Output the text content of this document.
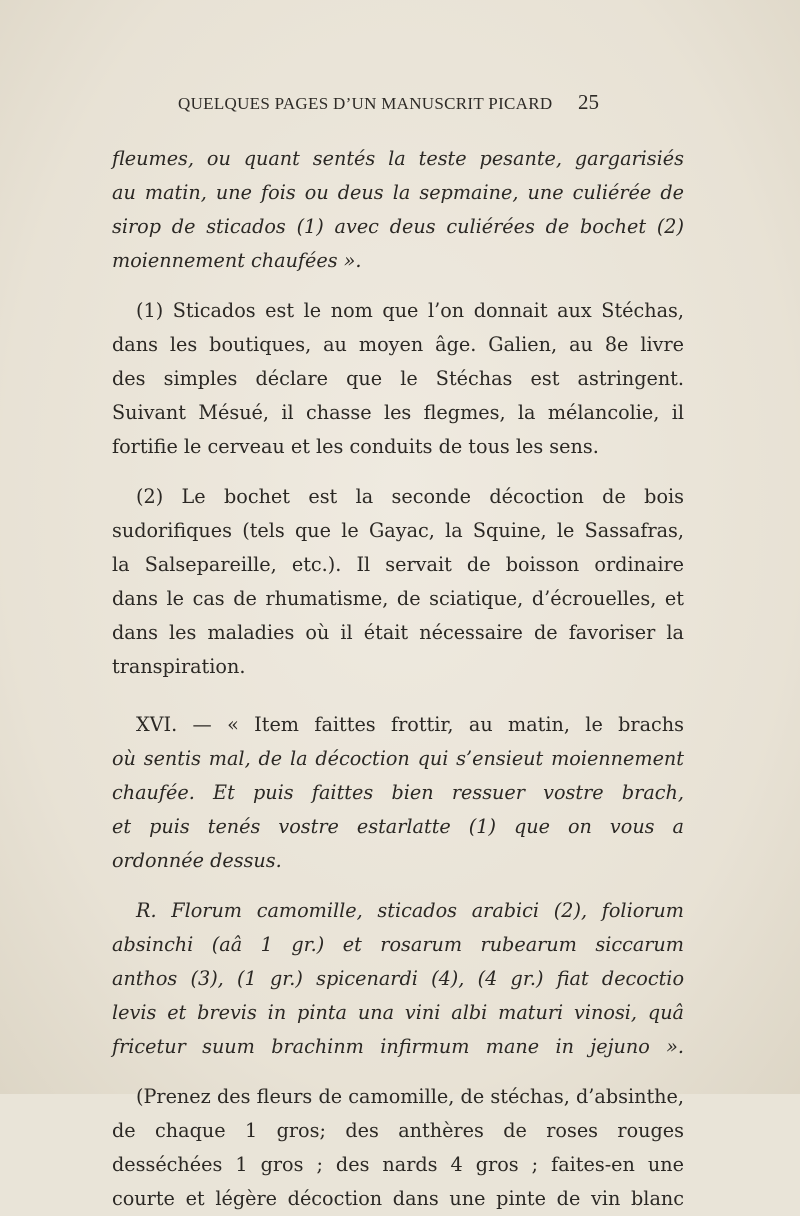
QUELQUES PAGES D’UN MANUSCRIT PICARD	25
fleumes, ou quant sentés la teste pesante, gargarisiés
au matin, une fois ou deus la sepmaine, une culiérée de
sirop de sticados (1) avec deus culiérées de bochet (2)
moiennement chaufées ».
(1) Sticados est le nom que l’on donnait aux Stéchas,
dans les boutiques, au moyen âge. Galien, au 8e livre
des simples déclare que le Stéchas est astringent.
Suivant Mésué, il chasse les flegmes, la mélancolie, il
fortifie le cerveau et les conduits de tous les sens.
(2) Le bochet est la seconde décoction de bois
sudorifiques (tels que le Gayac, la Squine, le Sassafras,
la Salsepareille, etc.). Il servait de boisson ordinaire
dans le cas de rhumatisme, de sciatique, d’écrouelles, et
dans les maladies où il était nécessaire de favoriser la
transpiration.
XVI. — « Item faittes frottir, au matin, le brachs
où sentis mal, de la décoction qui s’ensieut moiennement
chaufée. Et puis faittes bien ressuer vostre brach,
et puis tenés vostre estarlatte (1) que on vous a
ordonnée dessus.
R. Florum camomille, sticados arabici (2), foliorum
absinchi (aâ 1 gr.) et rosarum rubearum siccarum
anthos (3), (1 gr.) spicenardi (4), (4 gr.) fiat decoctio
levis et brevis in pinta una vini albi maturi vinosi, quâ
fricetur suum brachinm infirmum mane in jejuno ».
(Prenez des fleurs de camomille, de stéchas, d’absinthe,
de chaque 1 gros; des anthères de roses rouges
desséchées 1 gros ; des nards 4 gros ; faites-en une
courte et légère décoction dans une pinte de vin blanc
